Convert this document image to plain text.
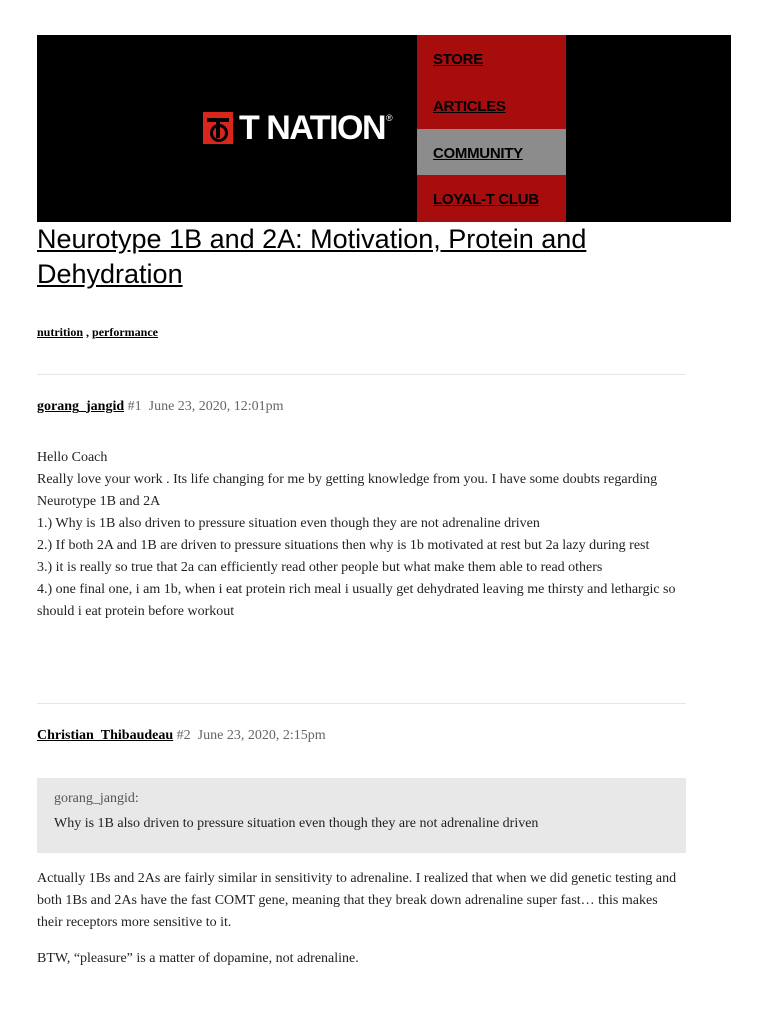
T NATION ®
STORE
ARTICLES
COMMUNITY
LOYAL-T CLUB
Neurotype 1B and 2A: Motivation, Protein and Dehydration
nutrition , performance
gorang_jangid #1 June 23, 2020, 12:01pm

Hello Coach

Really love your work . Its life changing for me by getting knowledge from you. I have some doubts regarding Neurotype 1B and 2A

1.) Why is 1B also driven to pressure situation even though they are not adrenaline driven

2.) If both 2A and 1B are driven to pressure situations then why is 1b motivated at rest but 2a lazy during rest

3.) it is really so true that 2a can efficiently read other people but what make them able to read others

4.) one final one, i am 1b, when i eat protein rich meal i usually get dehydrated leaving me thirsty and lethargic so should i eat protein before workout

Christian_Thibaudeau #2 June 23, 2020, 2:15pm
gorang_jangid:
Why is 1B also driven to pressure situation even though they are not adrenaline driven

Actually 1Bs and 2As are fairly similar in sensitivity to adrenaline. I realized that when we did genetic testing and both 1Bs and 2As have the fast COMT gene, meaning that they break down adrenaline super fast… this makes their receptors more sensitive to it.

BTW, “pleasure” is a matter of dopamine, not adrenaline.
